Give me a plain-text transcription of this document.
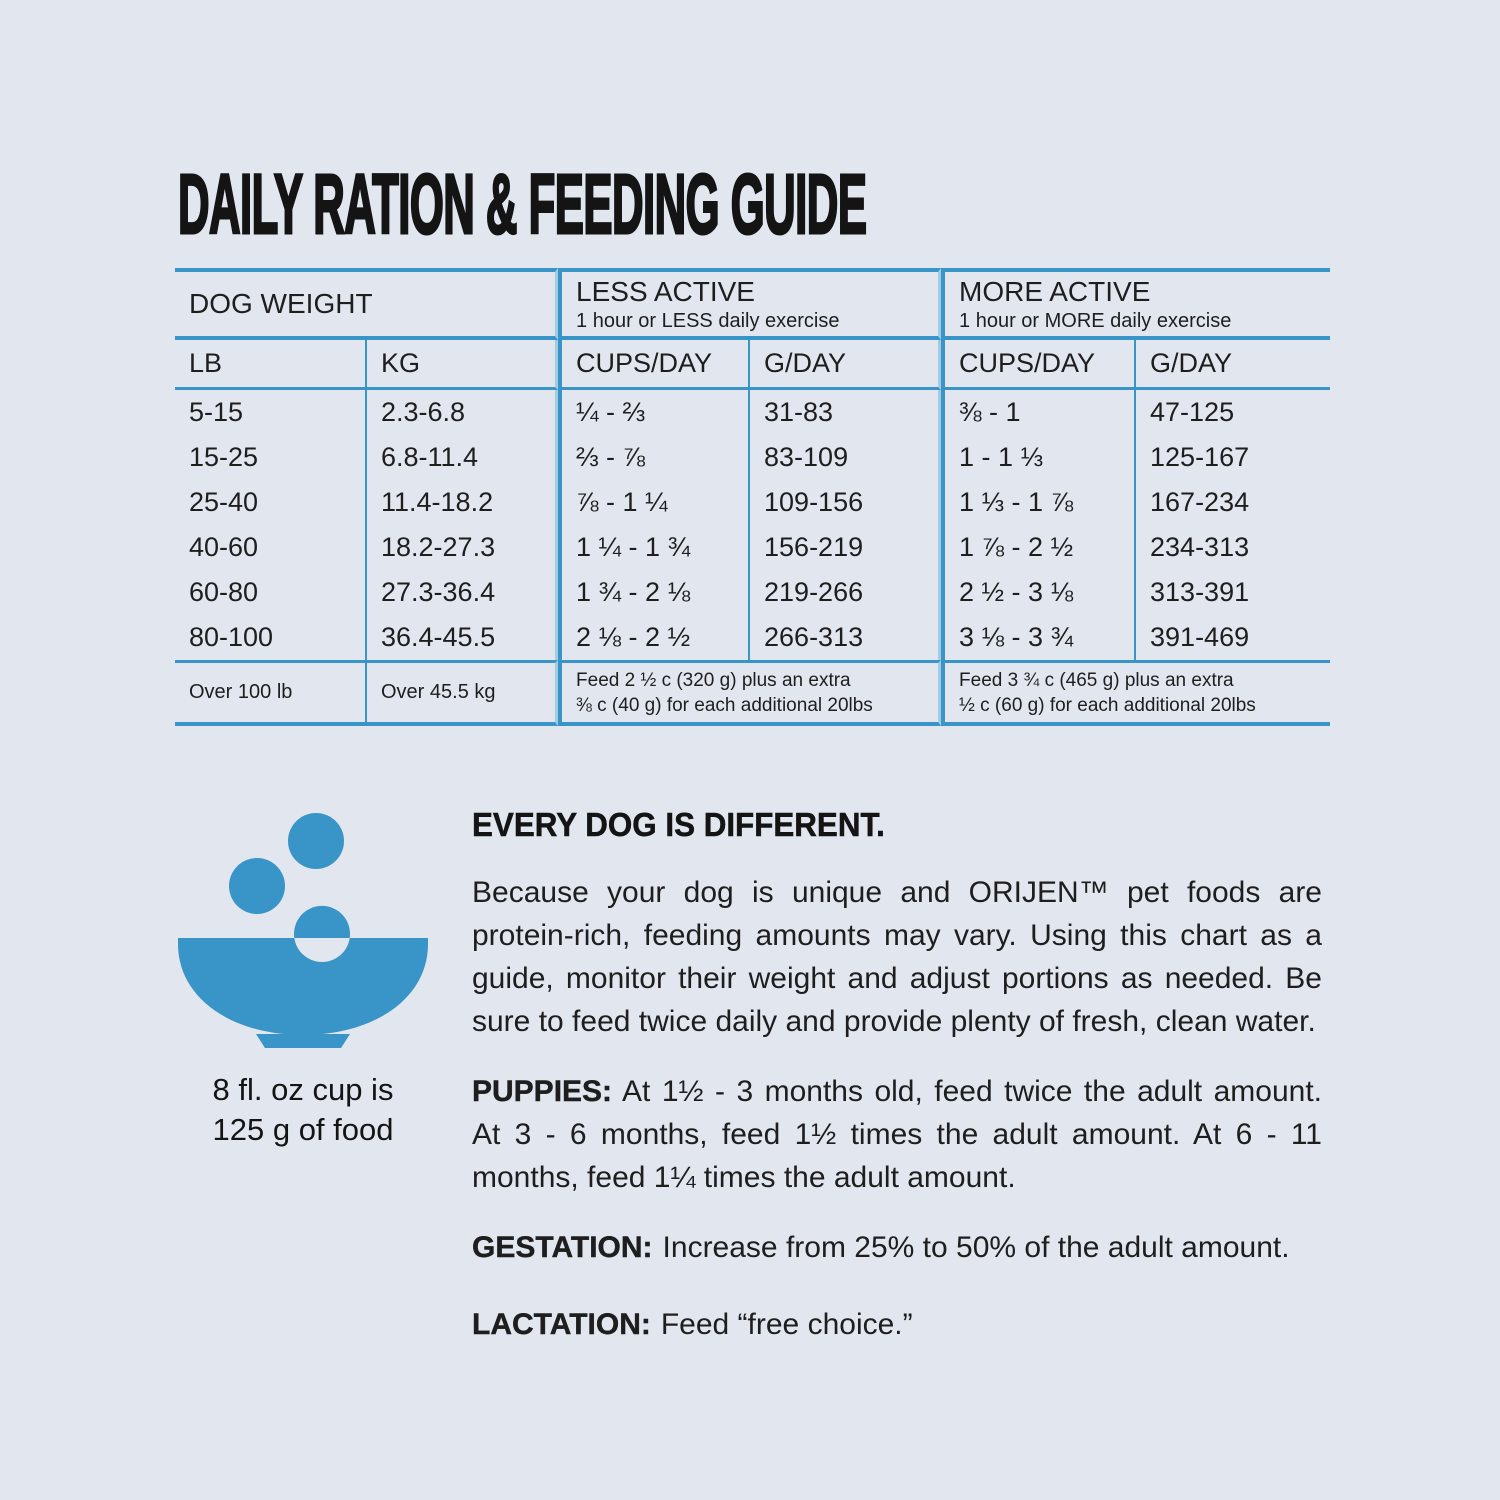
DAILY RATION & FEEDING GUIDE
DOG WEIGHT	LESS ACTIVE
1 hour or LESS daily exercise

MORE ACTIVE
1 hour or MORE daily exercise

LB	KG	CUPS/DAY	G/DAY	CUPS/DAY	G/DAY
5-15	2.3-6.8	¼ - ⅔	31-83	⅜ - 1	47-125
15-25	6.8-11.4	⅔ - ⅞	83-109	1 - 1 ⅓	125-167
25-40	11.4-18.2	⅞ - 1 ¼	109-156	1 ⅓ - 1 ⅞	167-234
40-60	18.2-27.3	1 ¼ - 1 ¾	156-219	1 ⅞ - 2 ½	234-313
60-80	27.3-36.4	1 ¾ - 2 ⅛	219-266	2 ½ - 3 ⅛	313-391
80-100	36.4-45.5	2 ⅛ - 2 ½	266-313	3 ⅛ - 3 ¾	391-469
Over 100 lb	Over 45.5 kg	
Feed 2 ½ c (320 g) plus an extra
⅜ c (40 g) for each additional 20lbs

Feed 3 ¾ c (465 g) plus an extra
½ c (60 g) for each additional 20lbs
8 fl. oz cup is
125 g of food
EVERY DOG IS DIFFERENT.

Because your dog is unique and ORIJEN™ pet foods are protein-rich, feeding amounts may vary. Using this chart as a guide, monitor their weight and adjust portions as needed. Be sure to feed twice daily and provide plenty of fresh, clean water.

PUPPIES: At 1½ - 3 months old, feed twice the adult amount. At 3 - 6 months, feed 1½ times the adult amount. At 6 - 11 months, feed 1¼ times the adult amount.

GESTATION: Increase from 25% to 50% of the adult amount.

LACTATION: Feed “free choice.”
